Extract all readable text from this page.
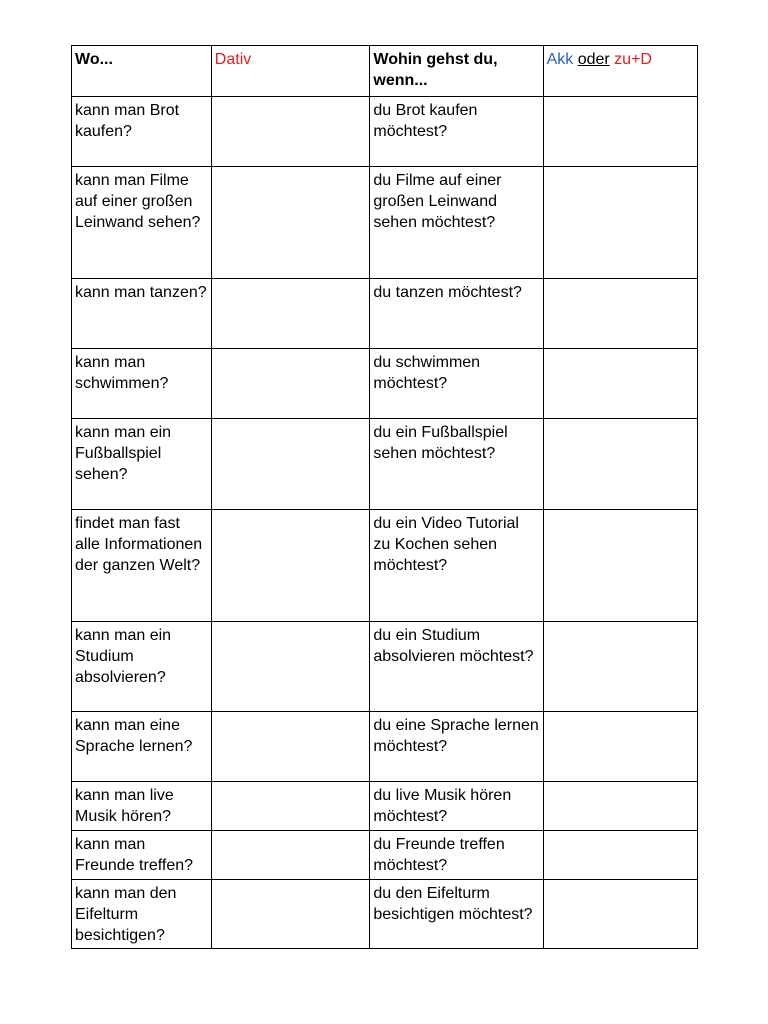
Wo...	Dativ	Wohin gehst du, wenn...	Akk oder zu+D
kann man Brot kaufen?		du Brot kaufen möchtest?	
kann man Filme auf einer großen Leinwand sehen?		du Filme auf einer großen Leinwand sehen möchtest?	
kann man tanzen?		du tanzen möchtest?	
kann man schwimmen?		du schwimmen möchtest?	
kann man ein Fußballspiel sehen?		du ein Fußballspiel sehen möchtest?	
findet man fast alle Informationen der ganzen Welt?		du ein Video Tutorial zu Kochen sehen möchtest?	
kann man ein Studium absolvieren?		du ein Studium absolvieren möchtest?	
kann man eine Sprache lernen?		du eine Sprache lernen möchtest?	
kann man live Musik hören?		du live Musik hören möchtest?	
kann man Freunde treffen?		du Freunde treffen möchtest?	
kann man den Eifelturm besichtigen?		du den Eifelturm besichtigen möchtest?	
